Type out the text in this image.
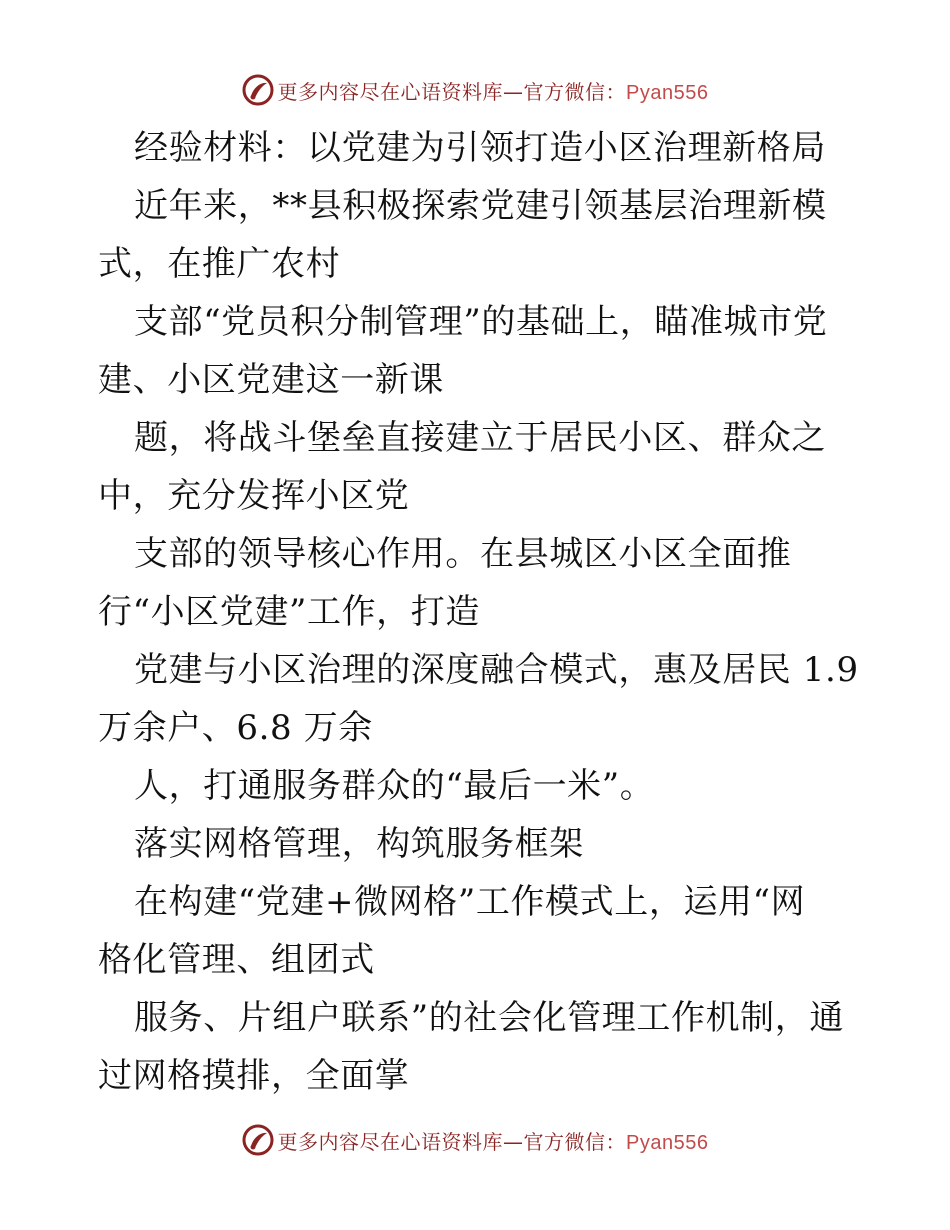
更多内容尽在心语资料库—官方微信：Pyan556
经验材料：以党建为引领打造小区治理新格局
近年来，**县积极探索党建引领基层治理新模
式，在推广农村
支部“党员积分制管理”的基础上，瞄准城市党
建、小区党建这一新课
题，将战斗堡垒直接建立于居民小区、群众之
中，充分发挥小区党
支部的领导核心作用。在县城区小区全面推
行“小区党建”工作，打造
党建与小区治理的深度融合模式，惠及居民 1.9
万余户、6.8 万余
人，打通服务群众的“最后一米”。
落实网格管理，构筑服务框架
在构建“党建+微网格”工作模式上，运用“网
格化管理、组团式
服务、片组户联系”的社会化管理工作机制，通
过网格摸排，全面掌
更多内容尽在心语资料库—官方微信：Pyan556
